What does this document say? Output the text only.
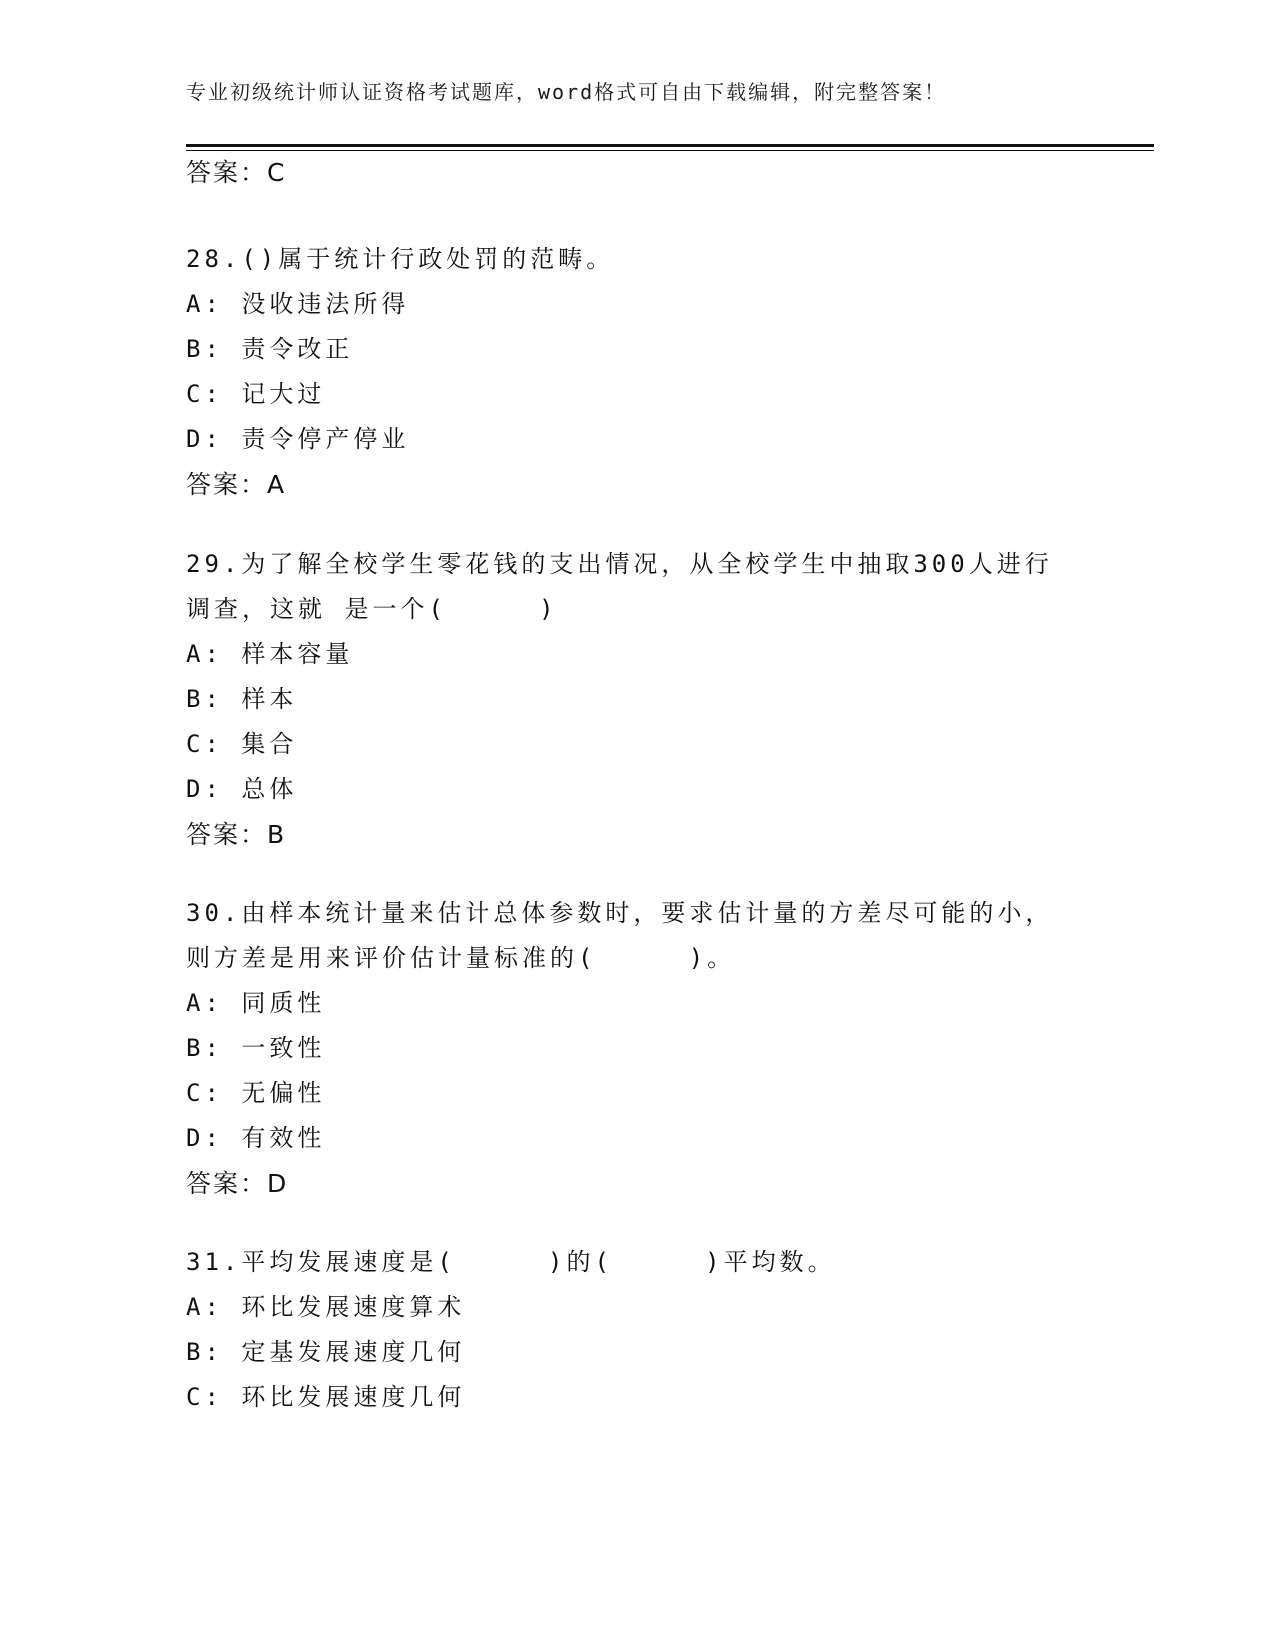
专业初级统计师认证资格考试题库，word格式可自由下载编辑，附完整答案！
答案：C
28.()属于统计行政处罚的范畴。
A: 没收违法所得
B: 责令改正
C: 记大过
D: 责令停产停业
答案：A
29.为了解全校学生零花钱的支出情况，从全校学生中抽取300人进行
调查，这就 是一个(     )
A: 样本容量
B: 样本
C: 集合
D: 总体
答案：B
30.由样本统计量来估计总体参数时，要求估计量的方差尽可能的小，
则方差是用来评价估计量标准的(     )。
A: 同质性
B: 一致性
C: 无偏性
D: 有效性
答案：D
31.平均发展速度是(     )的(     )平均数。
A: 环比发展速度算术
B: 定基发展速度几何
C: 环比发展速度几何
